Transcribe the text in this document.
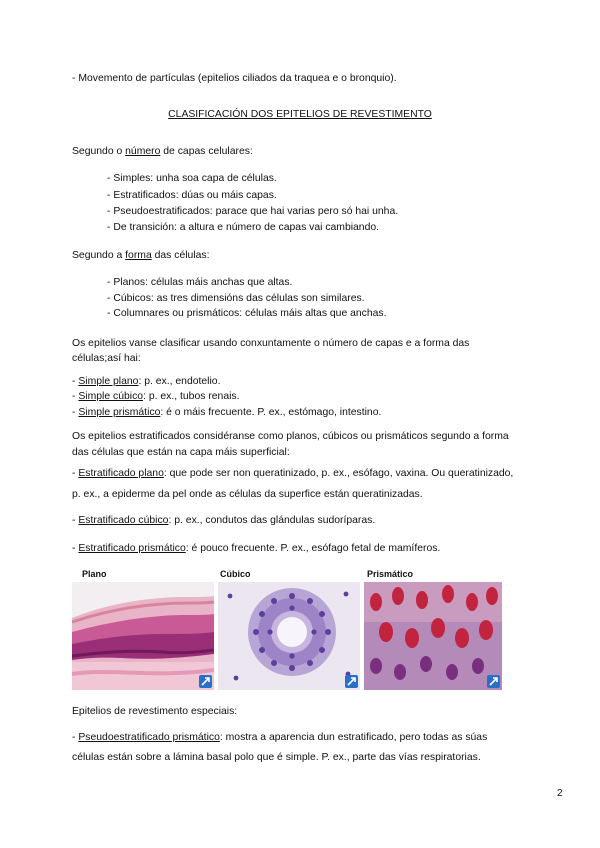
- Movemento de partículas (epitelios ciliados da traquea e o bronquio).
CLASIFICACIÓN DOS EPITELIOS DE REVESTIMENTO
Segundo o número de capas celulares:
- Simples: unha soa capa de células.
- Estratificados: dúas ou máis capas.
- Pseudoestratificados: parace que hai varias pero só hai unha.
- De transición: a altura e número de capas vai cambiando.
Segundo a forma das células:
- Planos: células máis anchas que altas.
- Cúbicos: as tres dimensións das células son similares.
- Columnares ou prismáticos: células máis altas que anchas.
Os epitelios vanse clasificar usando conxuntamente o número de capas e a forma das
células;así hai:
- Simple plano: p. ex., endotelio.
- Simple cúbico: p. ex., tubos renais.
- Simple prismático: é o máis frecuente. P. ex., estómago, intestino.
Os epitelios estratificados considéranse como planos, cúbicos ou prismáticos segundo a forma
das células que están na capa máis superficial:
- Estratificado plano: que pode ser non queratinizado, p. ex., esófago, vaxina. Ou queratinizado,
p. ex., a epiderme da pel onde as células da superfice están queratinizadas.
- Estratificado cúbico: p. ex., condutos das glándulas sudoríparas.
- Estratificado prismático: é pouco frecuente. P. ex., esófago fetal de mamíferos.
Plano	Cúbico	Prismático
Epitelios de revestimento especiais:
- Pseudoestratificado prismático: mostra a aparencia dun estratificado, pero todas as súas
células están sobre a lámina basal polo que é simple. P. ex., parte das vías respiratorias.
2
